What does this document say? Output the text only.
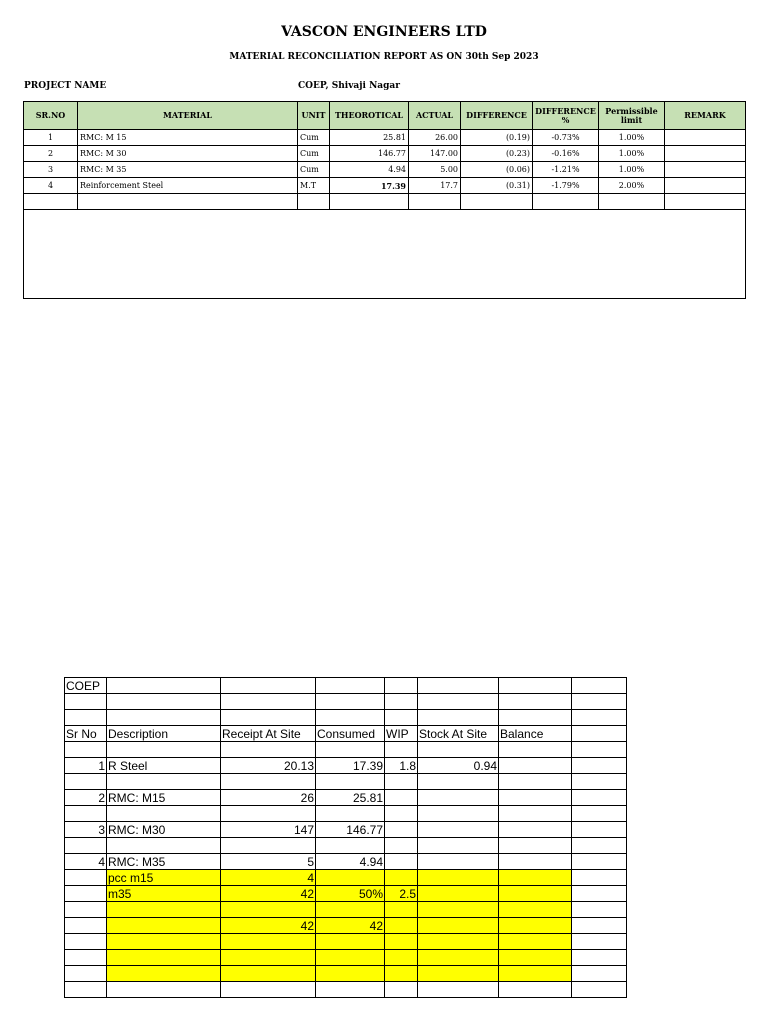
VASCON ENGINEERS LTD
MATERIAL RECONCILIATION REPORT AS ON 30th Sep 2023
PROJECT NAME	COEP, Shivaji Nagar
SR.NO	MATERIAL	UNIT	THEOROTICAL	ACTUAL	DIFFERENCE	DIFFERENCE %	Permissible limit	REMARK
1	RMC: M 15	Cum	25.81	26.00	(0.19)	-0.73%	1.00%	
2	RMC: M 30	Cum	146.77	147.00	(0.23)	-0.16%	1.00%	
3	RMC: M 35	Cum	4.94	5.00	(0.06)	-1.21%	1.00%	
4	Reinforcement Steel	M.T	17.39	17.7	(0.31)	-1.79%	2.00%	

COEP							

Sr No	Description	Receipt At Site	Consumed	WIP	Stock At Site	Balance	

1	R Steel	20.13	17.39	1.8	0.94		

2	RMC: M15	26	25.81				

3	RMC: M30	147	146.77				

4	RMC: M35	5	4.94				
	pcc m15	4					
	m35	42	50%	2.5			

		42	42				
